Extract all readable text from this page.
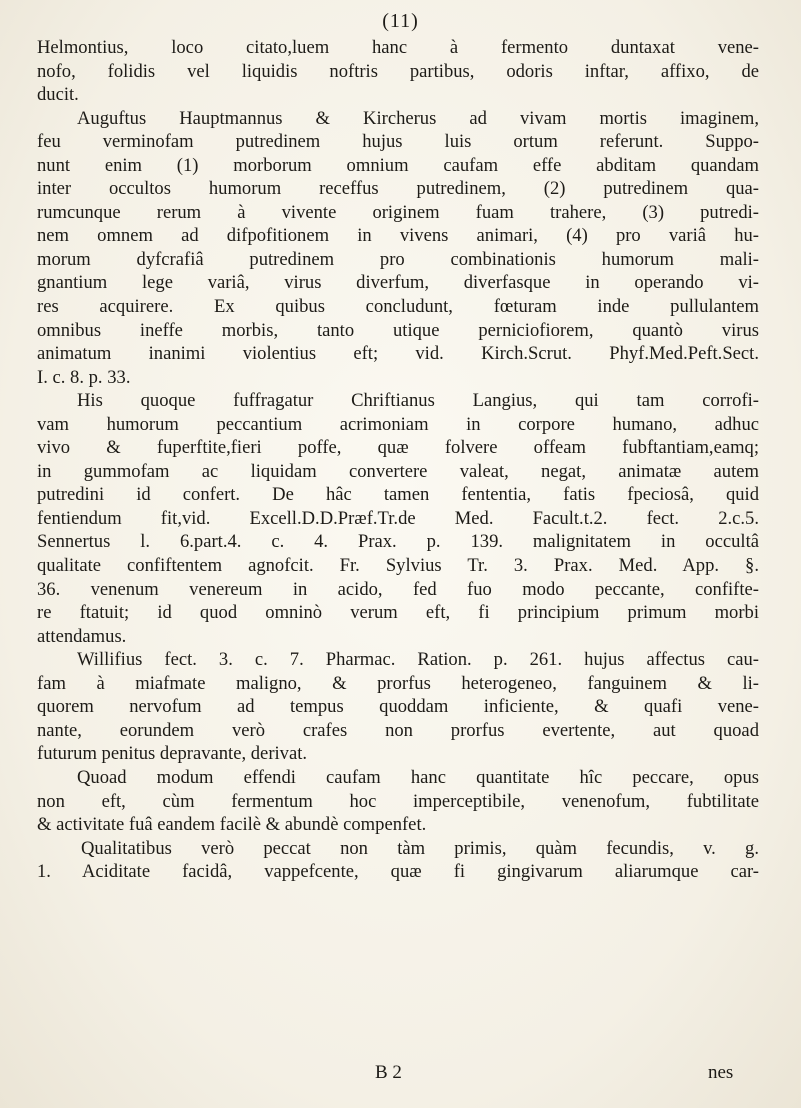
(11)
Helmontius, loco citato,luem hanc à fermento duntaxat vene-
nofo, folidis vel liquidis noftris partibus, odoris inftar, affixo, de
ducit.
Auguftus Hauptmannus & Kircherus ad vivam mortis imaginem,
feu verminofam putredinem hujus luis ortum referunt. Suppo-
nunt enim (1) morborum omnium caufam effe abditam quandam
inter occultos humorum receffus putredinem, (2) putredinem qua-
rumcunque rerum à vivente originem fuam trahere, (3) putredi-
nem omnem ad difpofitionem in vivens animari, (4) pro variâ hu-
morum dyfcrafiâ putredinem pro combinationis humorum mali-
gnantium lege variâ, virus diverfum, diverfasque in operando vi-
res acquirere. Ex quibus concludunt, fœturam inde pullulantem
omnibus ineffe morbis, tanto utique perniciofiorem, quantò virus
animatum inanimi violentius eft; vid. Kirch.Scrut. Phyf.Med.Peft.Sect.
I. c. 8. p. 33.
His quoque fuffragatur Chriftianus Langius, qui tam corrofi-
vam humorum peccantium acrimoniam in corpore humano, adhuc
vivo & fuperftite,fieri poffe, quæ folvere offeam fubftantiam,eamq;
in gummofam ac liquidam convertere valeat, negat, animatæ autem
putredini id confert. De hâc tamen fententia, fatis fpeciosâ, quid
fentiendum fit,vid. Excell.D.D.Præf.Tr.de Med. Facult.t.2. fect. 2.c.5.
Sennertus l. 6.part.4. c. 4. Prax. p. 139. malignitatem in occultâ
qualitate confiftentem agnofcit. Fr. Sylvius Tr. 3. Prax. Med. App. §.
36. venenum venereum in acido, fed fuo modo peccante, confifte-
re ftatuit; id quod omninò verum eft, fi principium primum morbi
attendamus.
Willifius fect. 3. c. 7. Pharmac. Ration. p. 261. hujus affectus cau-
fam à miafmate maligno, & prorfus heterogeneo, fanguinem & li-
quorem nervofum ad tempus quoddam inficiente, & quafi vene-
nante, eorundem verò crafes non prorfus evertente, aut quoad
futurum penitus depravante, derivat.
Quoad modum effendi caufam hanc quantitate hîc peccare, opus
non eft, cùm fermentum hoc imperceptibile, venenofum, fubtilitate
& activitate fuâ eandem facilè & abundè compenfet.
Qualitatibus verò peccat non tàm primis, quàm fecundis, v. g.
1. Aciditate facidâ, vappefcente, quæ fi gingivarum aliarumque car-
B 2	nes
